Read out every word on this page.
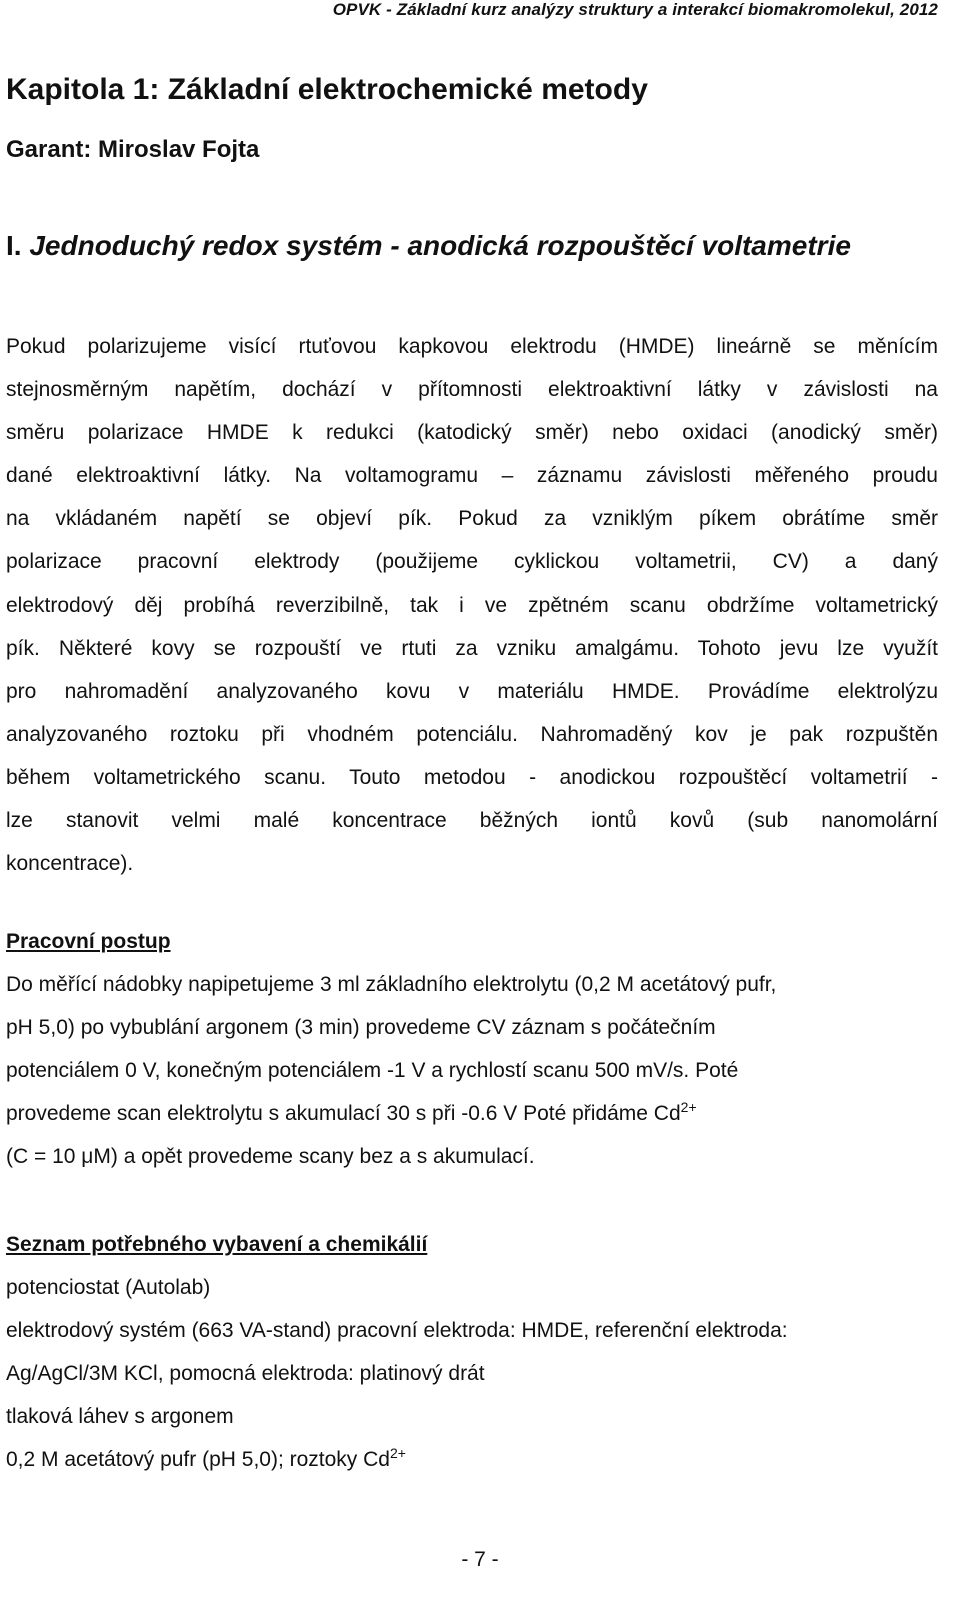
OPVK - Základní kurz analýzy struktury a interakcí biomakromolekul, 2012
Kapitola 1: Základní elektrochemické metody
Garant: Miroslav Fojta
I. Jednoduchý redox systém - anodická rozpouštěcí voltametrie
Pokud polarizujeme visící rtuťovou kapkovou elektrodu (HMDE) lineárně se měnícím
stejnosměrným napětím, dochází v přítomnosti elektroaktivní látky v závislosti na
směru polarizace HMDE k redukci (katodický směr) nebo oxidaci (anodický směr)
dané elektroaktivní látky. Na voltamogramu – záznamu závislosti měřeného proudu
na vkládaném napětí se objeví pík. Pokud za vzniklým píkem obrátíme směr
polarizace pracovní elektrody (použijeme cyklickou voltametrii, CV) a daný
elektrodový děj probíhá reverzibilně, tak i ve zpětném scanu obdržíme voltametrický
pík. Některé kovy se rozpouští ve rtuti za vzniku amalgámu. Tohoto jevu lze využít
pro nahromadění analyzovaného kovu v materiálu HMDE. Provádíme elektrolýzu
analyzovaného roztoku při vhodném potenciálu. Nahromaděný kov je pak rozpuštěn
během voltametrického scanu. Touto metodou - anodickou rozpouštěcí voltametrií -
lze stanovit velmi malé koncentrace běžných iontů kovů (sub nanomolární
koncentrace).
Pracovní postup
Do měřící nádobky napipetujeme 3 ml základního elektrolytu (0,2 M acetátový pufr,
pH 5,0) po vybublání argonem (3 min) provedeme CV záznam s počátečním
potenciálem 0 V, konečným potenciálem -1 V a rychlostí scanu 500 mV/s. Poté
provedeme scan elektrolytu s akumulací 30 s při -0.6 V Poté přidáme $Cd^{2+}$
(C = 10 μM) a opět provedeme scany bez a s akumulací.
Seznam potřebného vybavení a chemikálií
potenciostat (Autolab)
elektrodový systém (663 VA-stand) pracovní elektroda: HMDE, referenční elektroda:
Ag/AgCl/3M KCl, pomocná elektroda: platinový drát
tlaková láhev s argonem
0,2 M acetátový pufr (pH 5,0); roztoky $Cd^{2+}$
- 7 -
